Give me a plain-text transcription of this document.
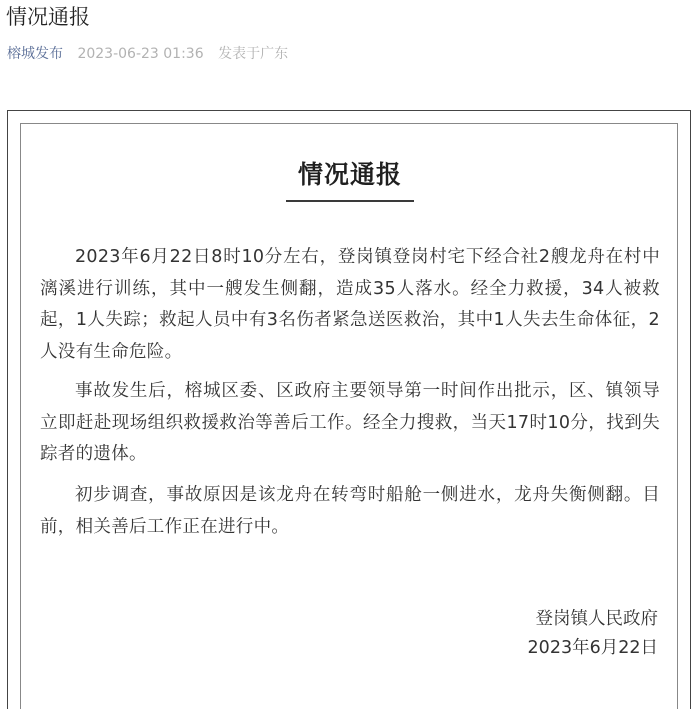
情况通报
榕城发布 2023-06-23 01:36 发表于广东
情况通报

2023年6月22日8时10分左右，登岗镇登岗村宅下经合社2艘龙舟在村中漓溪进行训练，其中一艘发生侧翻，造成35人落水。经全力救援，34人被救起，1人失踪；救起人员中有3名伤者紧急送医救治，其中1人失去生命体征，2人没有生命危险。

事故发生后，榕城区委、区政府主要领导第一时间作出批示，区、镇领导立即赶赴现场组织救援救治等善后工作。经全力搜救，当天17时10分，找到失踪者的遗体。

初步调查，事故原因是该龙舟在转弯时船舱一侧进水，龙舟失衡侧翻。目前，相关善后工作正在进行中。

登岗镇人民政府
2023年6月22日
